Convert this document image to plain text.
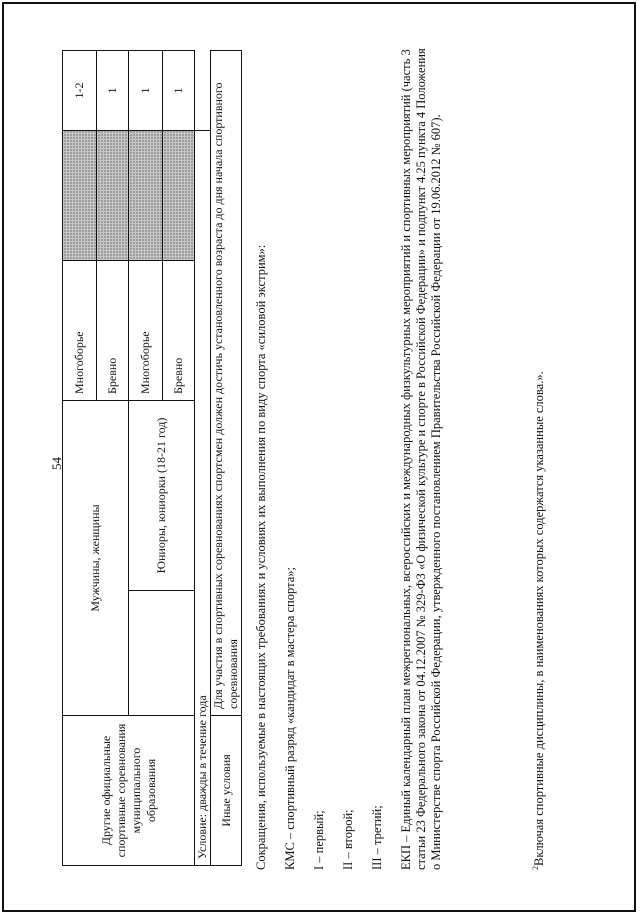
54
Другие официальные спортивные соревнования муниципального образования	Мужчины, женщины		Многоборье		1-2
			Бревно		1
		Юниоры, юниорки (18-21 год)	Многоборье		1
			Бревно		1
Условие: дважды в течение года					
Иные условия	Для участия в спортивных соревнованиях спортсмен должен достичь установленного возраста до дня начала спортивного соревнования				Сокращения, используемые в настоящих требованиях и условиях их выполнения по виду спорта «силовой экстрим»: КМС – спортивный разряд «кандидат в мастера спорта»; I – первый; II – второй; III – третий; ЕКП – Единый календарный план межрегиональных, всероссийских и международных физкультурных мероприятий и спортивных мероприятий (часть 3 статьи 23 Федерального закона от 04.12.2007 № 329-ФЗ «О физической культуре и спорте в Российской Федерации» и подпункт 4.25 пункта 4 Положения о Министерстве спорта Российской Федерации, утвержденного постановлением Правительства Российской Федерации от 19.06.2012 № 607).	$^2$Включая спортивные дисциплины, в наименованиях которых содержатся указанные слова.».
